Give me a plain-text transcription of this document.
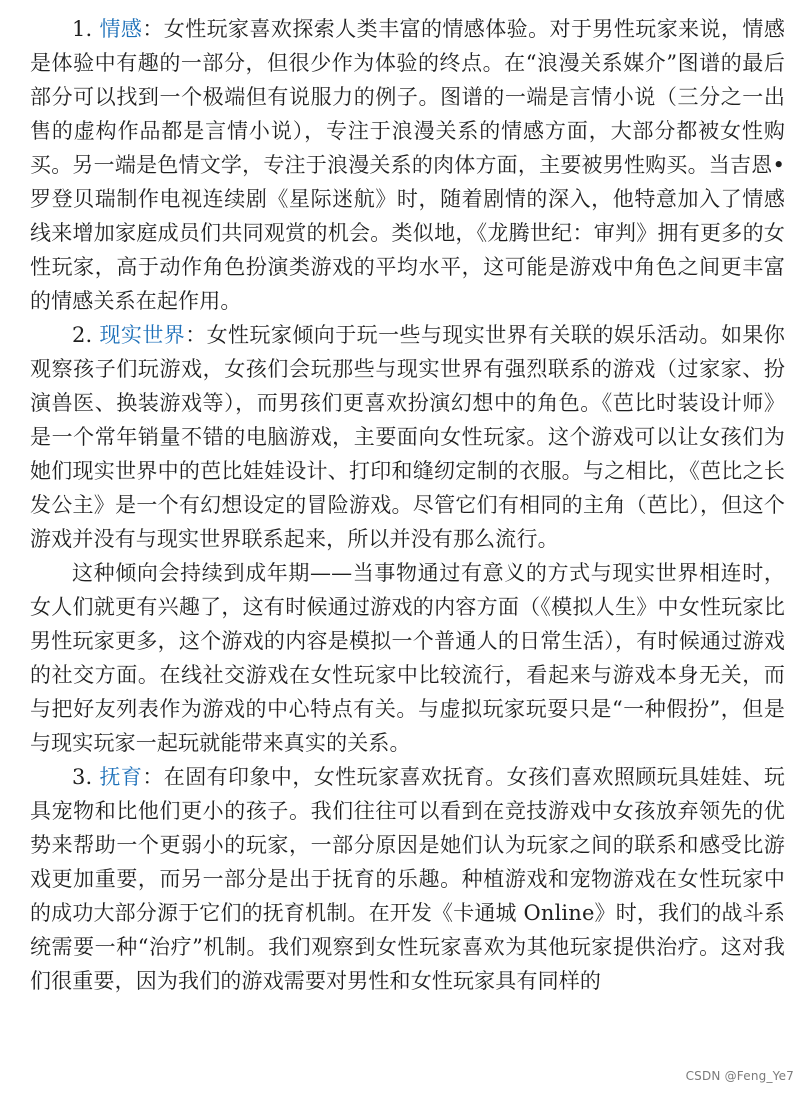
1. 情感：女性玩家喜欢探索人类丰富的情感体验。对于男性玩家来说，情感是体验中有趣的一部分，但很少作为体验的终点。在“浪漫关系媒介”图谱的最后部分可以找到一个极端但有说服力的例子。图谱的一端是言情小说（三分之一出售的虚构作品都是言情小说），专注于浪漫关系的情感方面，大部分都被女性购买。另一端是色情文学，专注于浪漫关系的肉体方面，主要被男性购买。当吉恩•罗登贝瑞制作电视连续剧《星际迷航》时，随着剧情的深入，他特意加入了情感线来增加家庭成员们共同观赏的机会。类似地，《龙腾世纪：审判》拥有更多的女性玩家，高于动作角色扮演类游戏的平均水平，这可能是游戏中角色之间更丰富的情感关系在起作用。

2. 现实世界：女性玩家倾向于玩一些与现实世界有关联的娱乐活动。如果你观察孩子们玩游戏，女孩们会玩那些与现实世界有强烈联系的游戏（过家家、扮演兽医、换装游戏等），而男孩们更喜欢扮演幻想中的角色。《芭比时装设计师》是一个常年销量不错的电脑游戏，主要面向女性玩家。这个游戏可以让女孩们为她们现实世界中的芭比娃娃设计、打印和缝纫定制的衣服。与之相比，《芭比之长发公主》是一个有幻想设定的冒险游戏。尽管它们有相同的主角（芭比），但这个游戏并没有与现实世界联系起来，所以并没有那么流行。

这种倾向会持续到成年期——当事物通过有意义的方式与现实世界相连时，女人们就更有兴趣了，这有时候通过游戏的内容方面（《模拟人生》中女性玩家比男性玩家更多，这个游戏的内容是模拟一个普通人的日常生活），有时候通过游戏的社交方面。在线社交游戏在女性玩家中比较流行，看起来与游戏本身无关，而与把好友列表作为游戏的中心特点有关。与虚拟玩家玩耍只是“一种假扮”，但是与现实玩家一起玩就能带来真实的关系。

3. 抚育：在固有印象中，女性玩家喜欢抚育。女孩们喜欢照顾玩具娃娃、玩具宠物和比他们更小的孩子。我们往往可以看到在竞技游戏中女孩放弃领先的优势来帮助一个更弱小的玩家，一部分原因是她们认为玩家之间的联系和感受比游戏更加重要，而另一部分是出于抚育的乐趣。种植游戏和宠物游戏在女性玩家中的成功大部分源于它们的抚育机制。在开发《卡通城 Online》时，我们的战斗系统需要一种“治疗”机制。我们观察到女性玩家喜欢为其他玩家提供治疗。这对我们很重要，因为我们的游戏需要对男性和女性玩家具有同样的

CSDN @Feng_Ye7
